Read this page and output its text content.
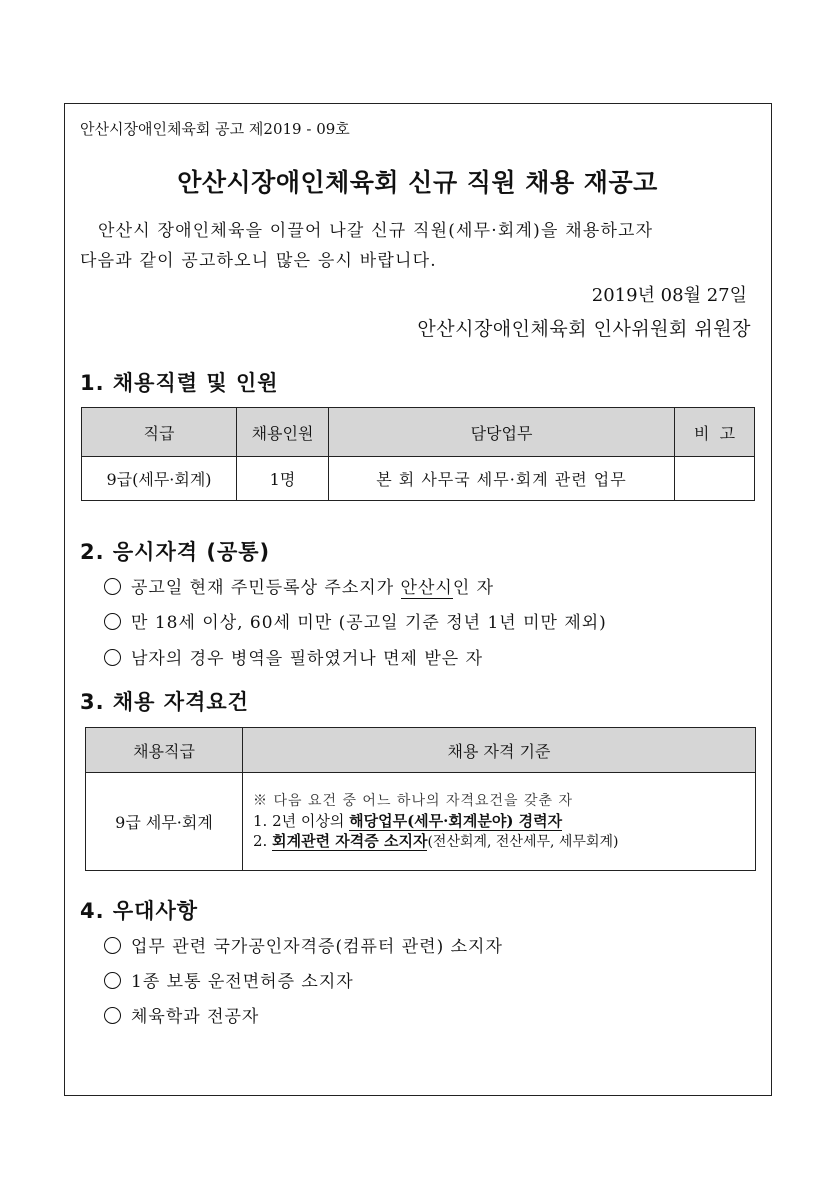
안산시장애인체육회 공고 제2019 - 09호
안산시장애인체육회 신규 직원 채용 재공고
안산시 장애인체육을 이끌어 나갈 신규 직원(세무·회계)을 채용하고자
다음과 같이 공고하오니 많은 응시 바랍니다.
2019년 08월 27일
안산시장애인체육회 인사위원회 위원장
1. 채용직렬 및 인원
직급	채용인원	담당업무	비  고
9급(세무·회계)	1명	본 회 사무국 세무·회계 관련 업무	
2. 응시자격 (공통)
공고일 현재 주민등록상 주소지가 안산시인 자
만 18세 이상, 60세 미만 (공고일 기준 정년 1년 미만 제외)
남자의 경우 병역을 필하였거나 면제 받은 자
3. 채용 자격요건
채용직급	채용 자격 기준
9급 세무·회계	※ 다음 요건 중 어느 하나의 자격요건을 갖춘 자
1. 2년 이상의 해당업무(세무·회계분야) 경력자
2. 회계관련 자격증 소지자(전산회계, 전산세무, 세무회계)
4. 우대사항
업무 관련 국가공인자격증(컴퓨터 관련) 소지자
1종 보통 운전면허증 소지자
체육학과 전공자
